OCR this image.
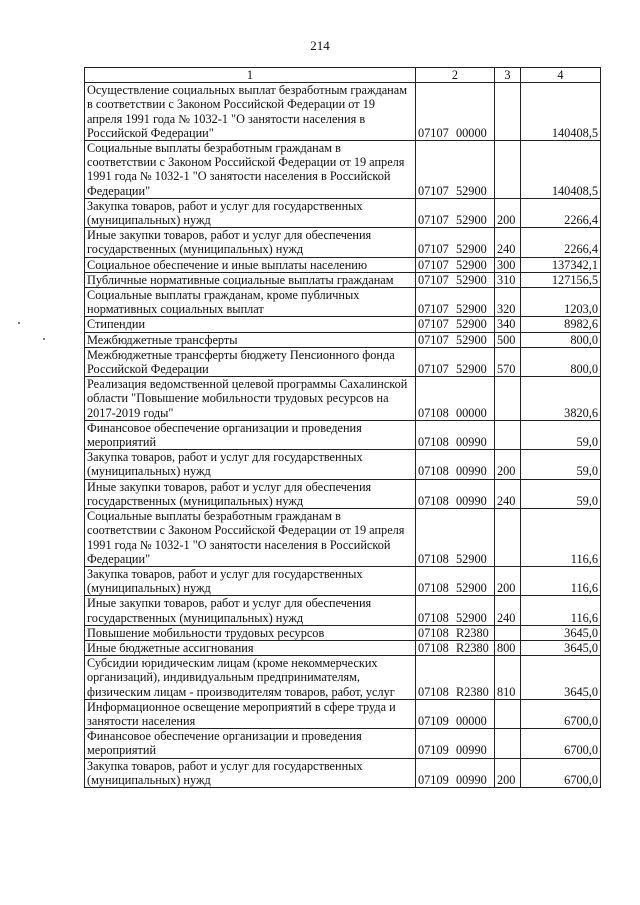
214
1	2	3	4
Осуществление социальных выплат безработным гражданам в соответствии с Законом Российской Федерации от 19 апреля 1991 года № 1032-1 "О занятости населения в Российской Федерации"	07107 00000		140408,5
Социальные выплаты безработным гражданам в соответствии с Законом Российской Федерации от 19 апреля 1991 года № 1032-1 "О занятости населения в Российской Федерации"	07107 52900		140408,5
Закупка товаров, работ и услуг для государственных (муниципальных) нужд	07107 52900	200	2266,4
Иные закупки товаров, работ и услуг для обеспечения государственных (муниципальных) нужд	07107 52900	240	2266,4
Социальное обеспечение и иные выплаты населению	07107 52900	300	137342,1
Публичные нормативные социальные выплаты гражданам	07107 52900	310	127156,5
Социальные выплаты гражданам, кроме публичных нормативных социальных выплат	07107 52900	320	1203,0
Стипендии	07107 52900	340	8982,6
Межбюджетные трансферты	07107 52900	500	800,0
Межбюджетные трансферты бюджету Пенсионного фонда Российской Федерации	07107 52900	570	800,0
Реализация ведомственной целевой программы Сахалинской области "Повышение мобильности трудовых ресурсов на 2017-2019 годы"	07108 00000		3820,6
Финансовое обеспечение организации и проведения мероприятий	07108 00990		59,0
Закупка товаров, работ и услуг для государственных (муниципальных) нужд	07108 00990	200	59,0
Иные закупки товаров, работ и услуг для обеспечения государственных (муниципальных) нужд	07108 00990	240	59,0
Социальные выплаты безработным гражданам в соответствии с Законом Российской Федерации от 19 апреля 1991 года № 1032-1 "О занятости населения в Российской Федерации"	07108 52900		116,6
Закупка товаров, работ и услуг для государственных (муниципальных) нужд	07108 52900	200	116,6
Иные закупки товаров, работ и услуг для обеспечения государственных (муниципальных) нужд	07108 52900	240	116,6
Повышение мобильности трудовых ресурсов	07108 R2380		3645,0
Иные бюджетные ассигнования	07108 R2380	800	3645,0
Субсидии юридическим лицам (кроме некоммерческих организаций), индивидуальным предпринимателям, физическим лицам - производителям товаров, работ, услуг	07108 R2380	810	3645,0
Информационное освещение мероприятий в сфере труда и занятости населения	07109 00000		6700,0
Финансовое обеспечение организации и проведения мероприятий	07109 00990		6700,0
Закупка товаров, работ и услуг для государственных (муниципальных) нужд	07109 00990	200	6700,0
